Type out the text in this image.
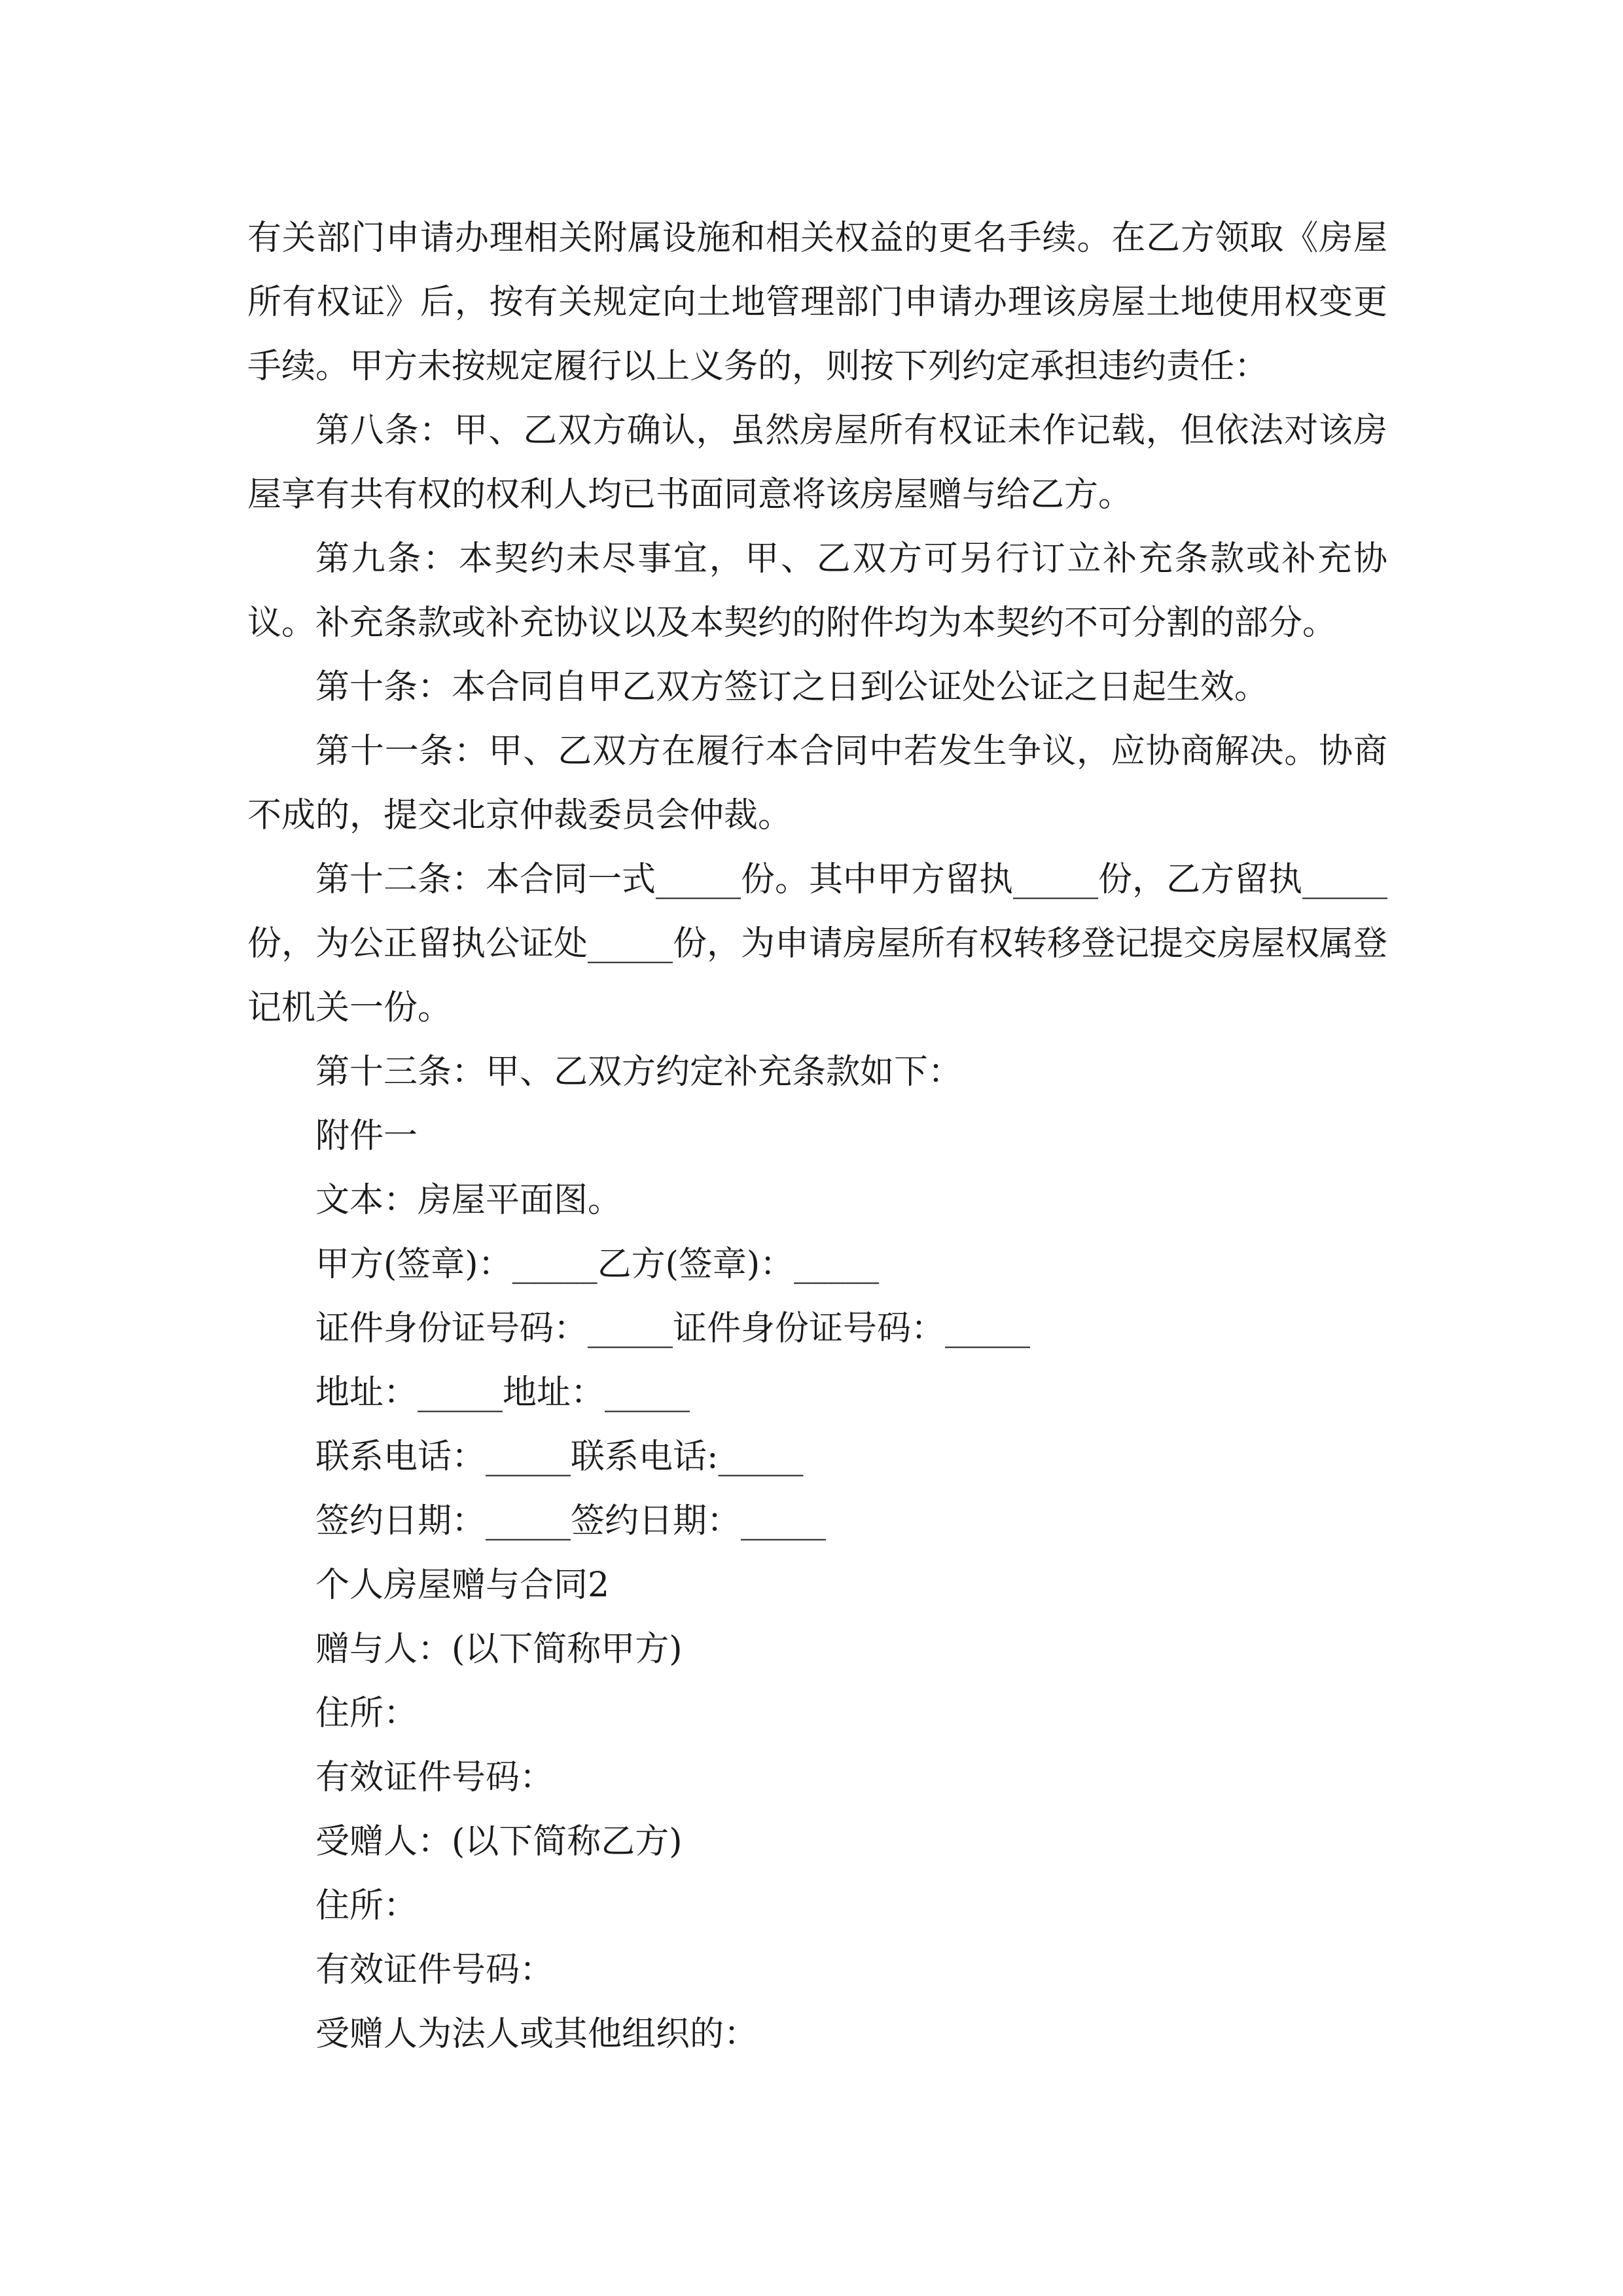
有关部门申请办理相关附属设施和相关权益的更名手续。在乙方领取《房屋所有权证》后，按有关规定向土地管理部门申请办理该房屋土地使用权变更手续。甲方未按规定履行以上义务的，则按下列约定承担违约责任：

第八条：甲、乙双方确认，虽然房屋所有权证未作记载，但依法对该房屋享有共有权的权利人均已书面同意将该房屋赠与给乙方。

第九条：本契约未尽事宜，甲、乙双方可另行订立补充条款或补充协议。补充条款或补充协议以及本契约的附件均为本契约不可分割的部分。

第十条：本合同自甲乙双方签订之日到公证处公证之日起生效。

第十一条：甲、乙双方在履行本合同中若发生争议，应协商解决。协商不成的，提交北京仲裁委员会仲裁。

第十二条：本合同一式_____份。其中甲方留执_____份，乙方留执_____份，为公正留执公证处_____份，为申请房屋所有权转移登记提交房屋权属登记机关一份。

第十三条：甲、乙双方约定补充条款如下：

附件一

文本：房屋平面图。

甲方(签章)：_____乙方(签章)：_____

证件身份证号码：_____证件身份证号码：_____

地址：_____地址：_____

联系电话：_____联系电话:_____

签约日期：_____签约日期：_____

个人房屋赠与合同2

赠与人：(以下简称甲方)

住所：

有效证件号码：

受赠人：(以下简称乙方)

住所：

有效证件号码：

受赠人为法人或其他组织的：
